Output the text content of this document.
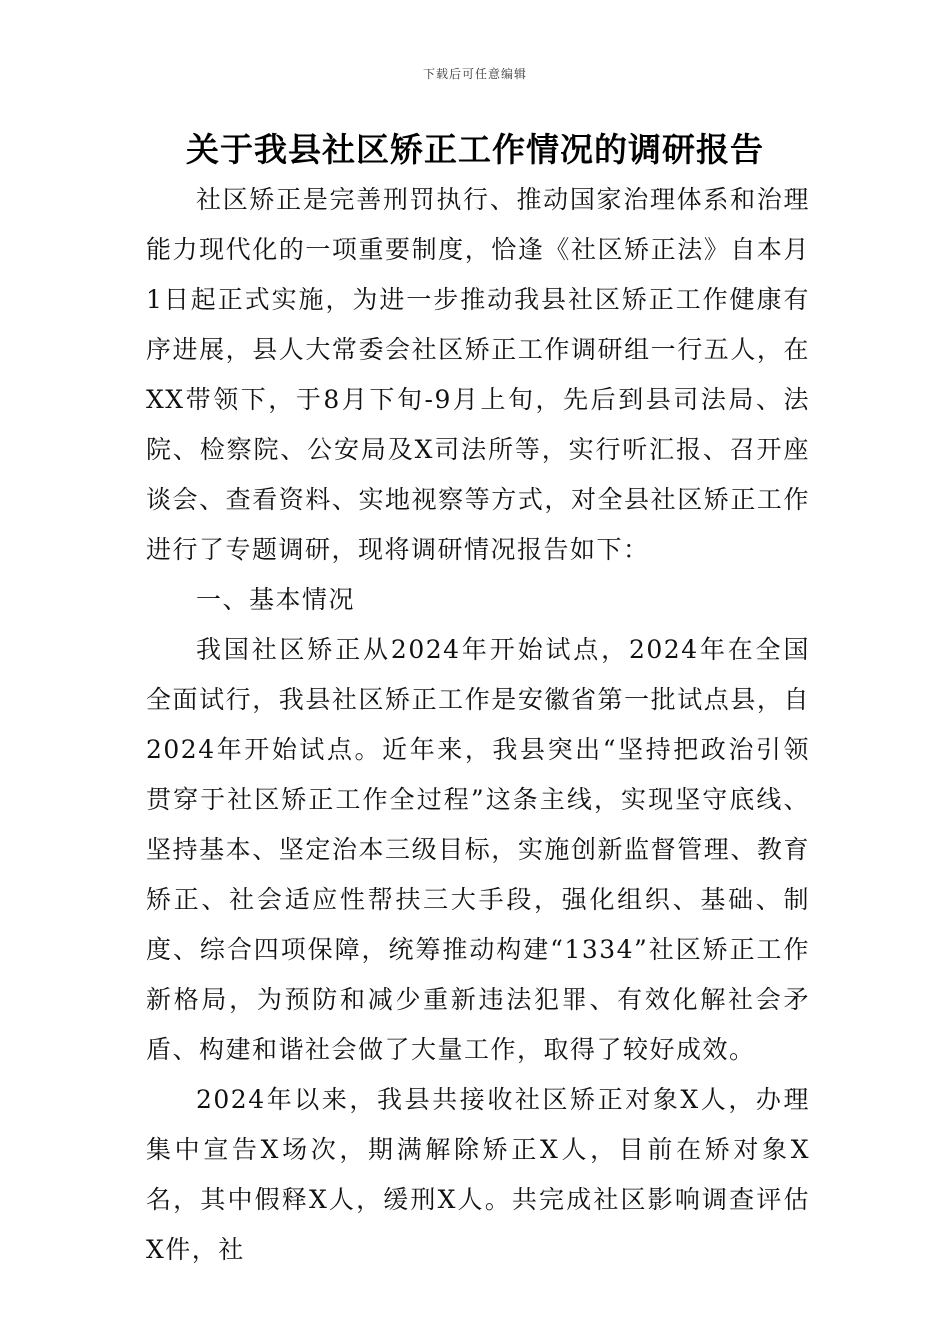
下载后可任意编辑
关于我县社区矫正工作情况的调研报告

社区矫正是完善刑罚执行、推动国家治理体系和治理能力现代化的一项重要制度，恰逢《社区矫正法》自本月1日起正式实施，为进一步推动我县社区矫正工作健康有序进展，县人大常委会社区矫正工作调研组一行五人，在XX带领下，于8月下旬-9月上旬，先后到县司法局、法院、检察院、公安局及X司法所等，实行听汇报、召开座谈会、查看资料、实地视察等方式，对全县社区矫正工作进行了专题调研，现将调研情况报告如下：

一、基本情况

我国社区矫正从2024年开始试点，2024年在全国全面试行，我县社区矫正工作是安徽省第一批试点县，自2024年开始试点。近年来，我县突出“坚持把政治引领贯穿于社区矫正工作全过程”这条主线，实现坚守底线、坚持基本、坚定治本三级目标，实施创新监督管理、教育矫正、社会适应性帮扶三大手段，强化组织、基础、制度、综合四项保障，统筹推动构建“1334”社区矫正工作新格局，为预防和减少重新违法犯罪、有效化解社会矛盾、构建和谐社会做了大量工作，取得了较好成效。

2024年以来，我县共接收社区矫正对象X人，办理集中宣告X场次，期满解除矫正X人，目前在矫对象X名，其中假释X人，缓刑X人。共完成社区影响调查评估X件，社
